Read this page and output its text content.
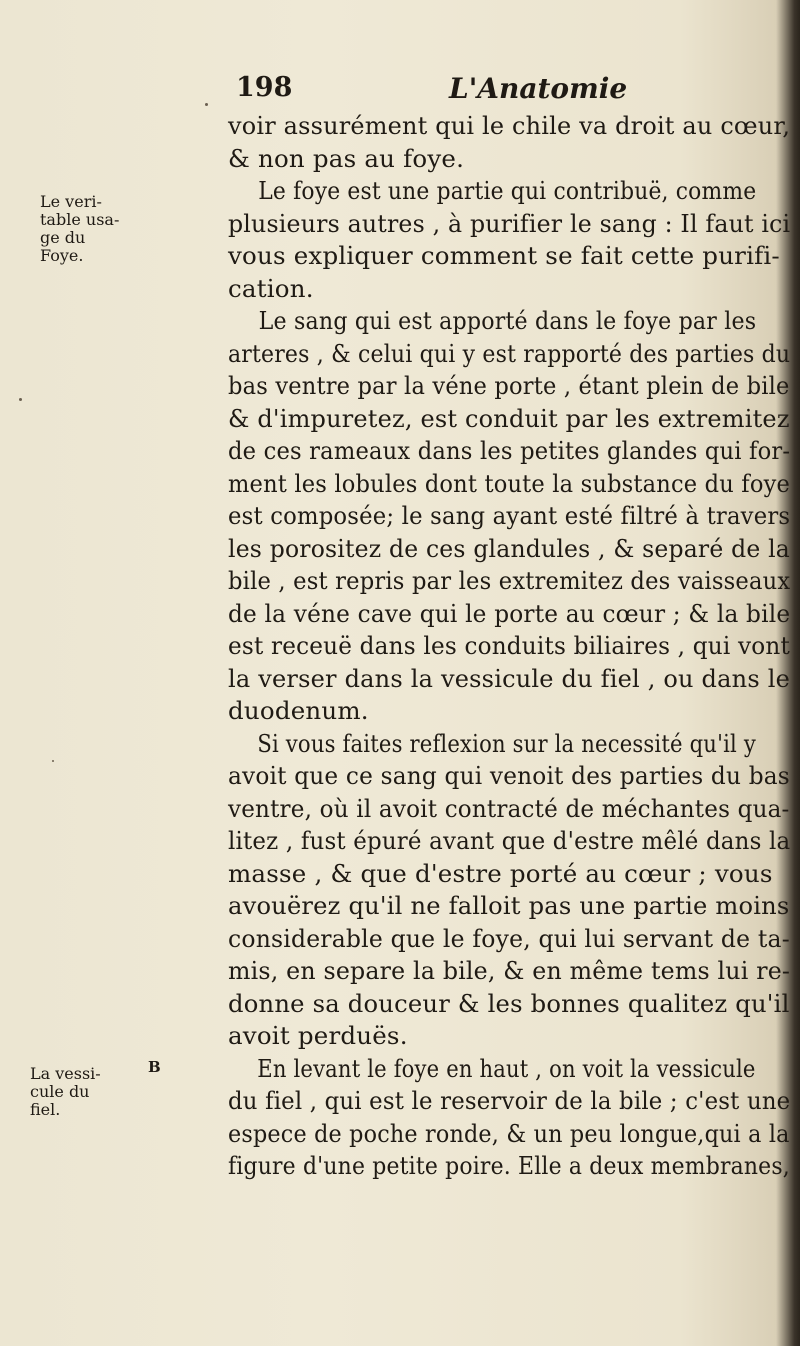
198	L'Anatomie
Le veri-
table usa-
ge du
Foye.
B
La vessi-
cule du
fiel.
voir assurément qui le chile va droit au cœur,
& non pas au foye.
Le foye est une partie qui contribuë, comme
plusieurs autres , à purifier le sang : Il faut ici
vous expliquer comment se fait cette purifi-
cation.
Le sang qui est apporté dans le foye par les
arteres , & celui qui y est rapporté des parties du
bas ventre par la véne porte , étant plein de bile
& d'impuretez, est conduit par les extremitez
de ces rameaux dans les petites glandes qui for-
ment les lobules dont toute la substance du foye
est composée; le sang ayant esté filtré à travers
les porositez de ces glandules , & separé de la
bile , est repris par les extremitez des vaisseaux
de la véne cave qui le porte au cœur ; & la bile
est receuë dans les conduits biliaires , qui vont
la verser dans la vessicule du fiel , ou dans le
duodenum.
Si vous faites reflexion sur la necessité qu'il y
avoit que ce sang qui venoit des parties du bas
ventre, où il avoit contracté de méchantes qua-
litez , fust épuré avant que d'estre mêlé dans la
masse , & que d'estre porté au cœur ; vous
avouërez qu'il ne falloit pas une partie moins
considerable que le foye, qui lui servant de ta-
mis, en separe la bile, & en même tems lui re-
donne sa douceur & les bonnes qualitez qu'il
avoit perduës.
En levant le foye en haut , on voit la vessicule
du fiel , qui est le reservoir de la bile ; c'est une
espece de poche ronde, & un peu longue,qui a la
figure d'une petite poire. Elle a deux membranes,
